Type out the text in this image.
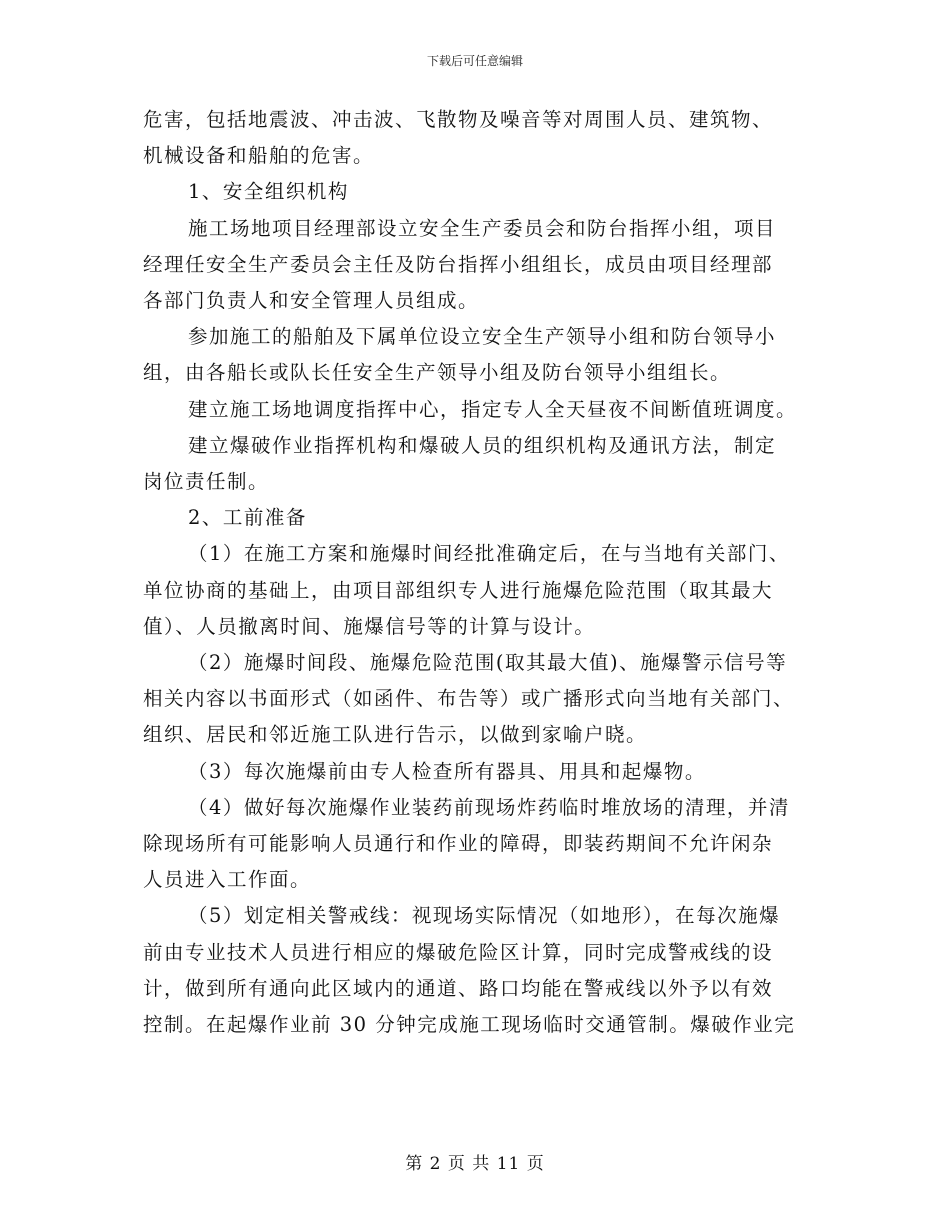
下载后可任意编辑

危害，包括地震波、冲击波、飞散物及噪音等对周围人员、建筑物、

机械设备和船舶的危害。

1、安全组织机构

施工场地项目经理部设立安全生产委员会和防台指挥小组，项目

经理任安全生产委员会主任及防台指挥小组组长，成员由项目经理部

各部门负责人和安全管理人员组成。

参加施工的船舶及下属单位设立安全生产领导小组和防台领导小

组，由各船长或队长任安全生产领导小组及防台领导小组组长。

建立施工场地调度指挥中心，指定专人全天昼夜不间断值班调度。

建立爆破作业指挥机构和爆破人员的组织机构及通讯方法，制定

岗位责任制。

2、工前准备

（1）在施工方案和施爆时间经批准确定后，在与当地有关部门、

单位协商的基础上，由项目部组织专人进行施爆危险范围（取其最大

值）、人员撤离时间、施爆信号等的计算与设计。

（2）施爆时间段、施爆危险范围(取其最大值)、施爆警示信号等

相关内容以书面形式（如函件、布告等）或广播形式向当地有关部门、

组织、居民和邻近施工队进行告示，以做到家喻户晓。

（3）每次施爆前由专人检查所有器具、用具和起爆物。

（4）做好每次施爆作业装药前现场炸药临时堆放场的清理，并清

除现场所有可能影响人员通行和作业的障碍，即装药期间不允许闲杂

人员进入工作面。

（5）划定相关警戒线：视现场实际情况（如地形），在每次施爆

前由专业技术人员进行相应的爆破危险区计算，同时完成警戒线的设

计，做到所有通向此区域内的通道、路口均能在警戒线以外予以有效

控制。在起爆作业前 30 分钟完成施工现场临时交通管制。爆破作业完

第 2 页 共 11 页
